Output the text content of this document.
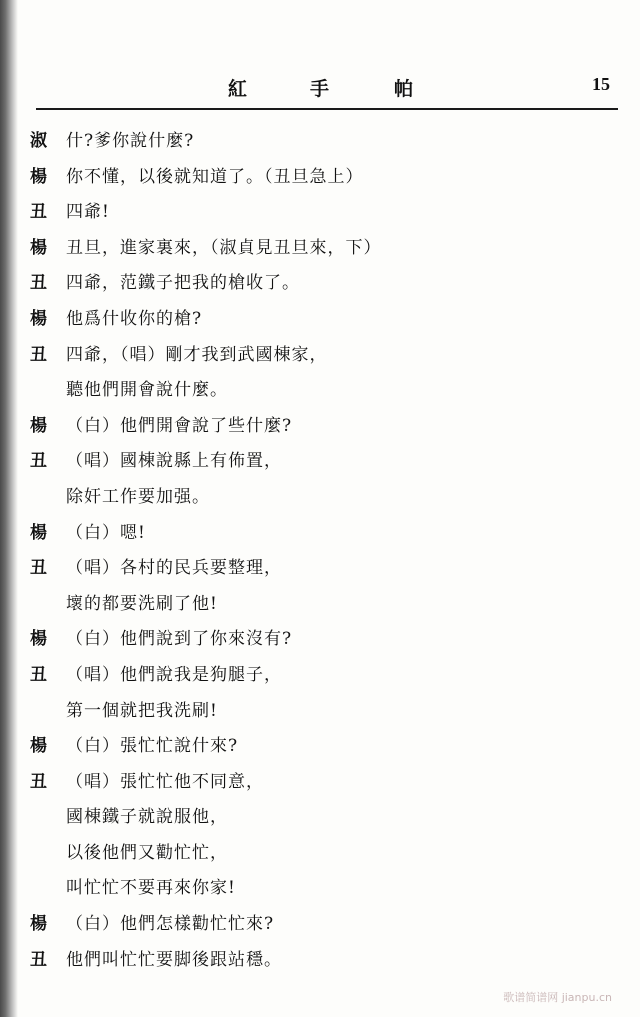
紅	手	帕	15
淑 什?爹你說什麼?
楊 你不懂，以後就知道了。（丑旦急上）
丑 四爺!
楊 丑旦，進家裏來，（淑貞見丑旦來，下）
丑 四爺，范鐵子把我的槍收了。
楊 他爲什收你的槍?
丑 四爺，（唱）剛才我到武國棟家，
聽他們開會說什麼。
楊 （白）他們開會說了些什麼?
丑 （唱）國棟說縣上有佈置，
除奸工作要加强。
楊 （白）嗯!
丑 （唱）各村的民兵要整理，
壞的都要洗刷了他!
楊 （白）他們說到了你來沒有?
丑 （唱）他們說我是狗腿子，
第一個就把我洗刷!
楊 （白）張忙忙說什來?
丑 （唱）張忙忙他不同意，
國棟鐵子就說服他，
以後他們又勸忙忙，
叫忙忙不要再來你家!
楊 （白）他們怎樣勸忙忙來?
丑 他們叫忙忙要脚後跟站穩。
歌谱简谱网 jianpu.cn
